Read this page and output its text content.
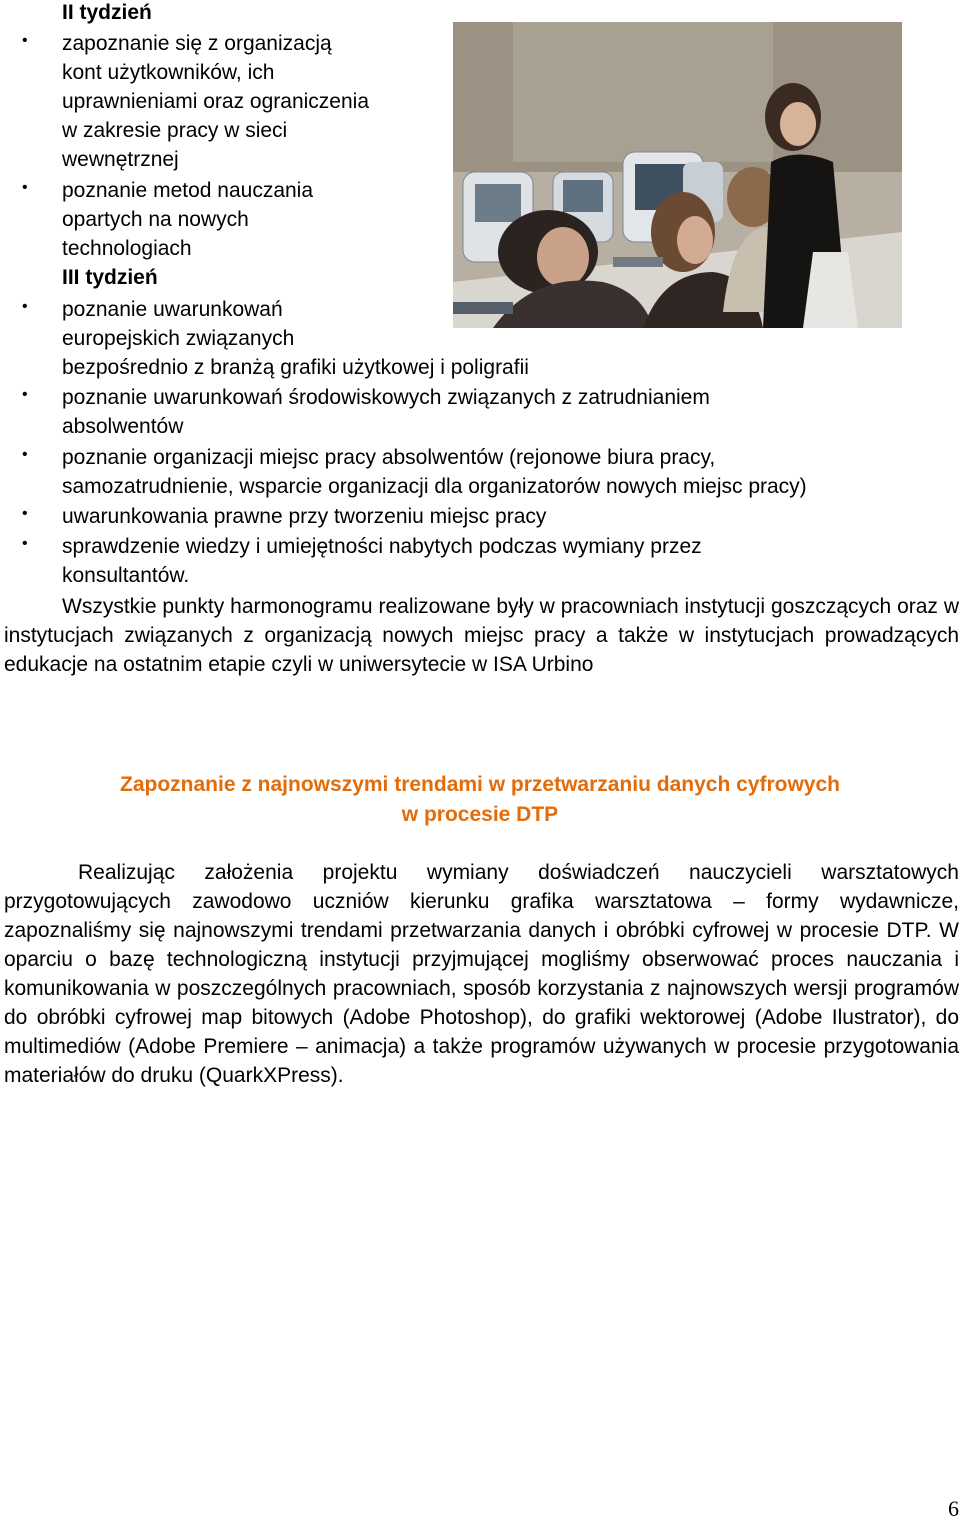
II tydzień
• zapoznanie się z organizacją
kont użytkowników, ich
uprawnieniami oraz ograniczenia
w zakresie pracy w sieci
wewnętrznej
• poznanie metod nauczania
opartych na nowych
technologiach
III tydzień
• poznanie uwarunkowań
europejskich związanych
bezpośrednio z branżą grafiki użytkowej i poligrafii
• poznanie uwarunkowań środowiskowych związanych z zatrudnianiem
absolwentów
• poznanie organizacji miejsc pracy absolwentów (rejonowe biura pracy,
samozatrudnienie, wsparcie organizacji dla organizatorów nowych miejsc pracy)
• uwarunkowania prawne przy tworzeniu miejsc pracy
• sprawdzenie wiedzy i umiejętności nabytych podczas wymiany przez
konsultantów.
Wszystkie punkty harmonogramu realizowane były w pracowniach instytucji goszczących oraz w instytucjach związanych z organizacją nowych miejsc pracy a także w instytucjach prowadzących edukacje na ostatnim etapie czyli w uniwersytecie w ISA Urbino
Zapoznanie z najnowszymi trendami w przetwarzaniu danych cyfrowych
w procesie DTP
Realizując założenia projektu wymiany doświadczeń nauczycieli warsztatowych przygotowujących zawodowo uczniów kierunku grafika warsztatowa – formy wydawnicze, zapoznaliśmy się najnowszymi trendami przetwarzania danych i obróbki cyfrowej w procesie DTP. W oparciu o bazę technologiczną instytucji przyjmującej mogliśmy obserwować proces nauczania i komunikowania w poszczególnych pracowniach, sposób korzystania z najnowszych wersji programów do obróbki cyfrowej map bitowych (Adobe Photoshop), do grafiki wektorowej (Adobe Ilustrator), do multimediów (Adobe Premiere – animacja) a także programów używanych w procesie przygotowania materiałów do druku (QuarkXPress).
6
